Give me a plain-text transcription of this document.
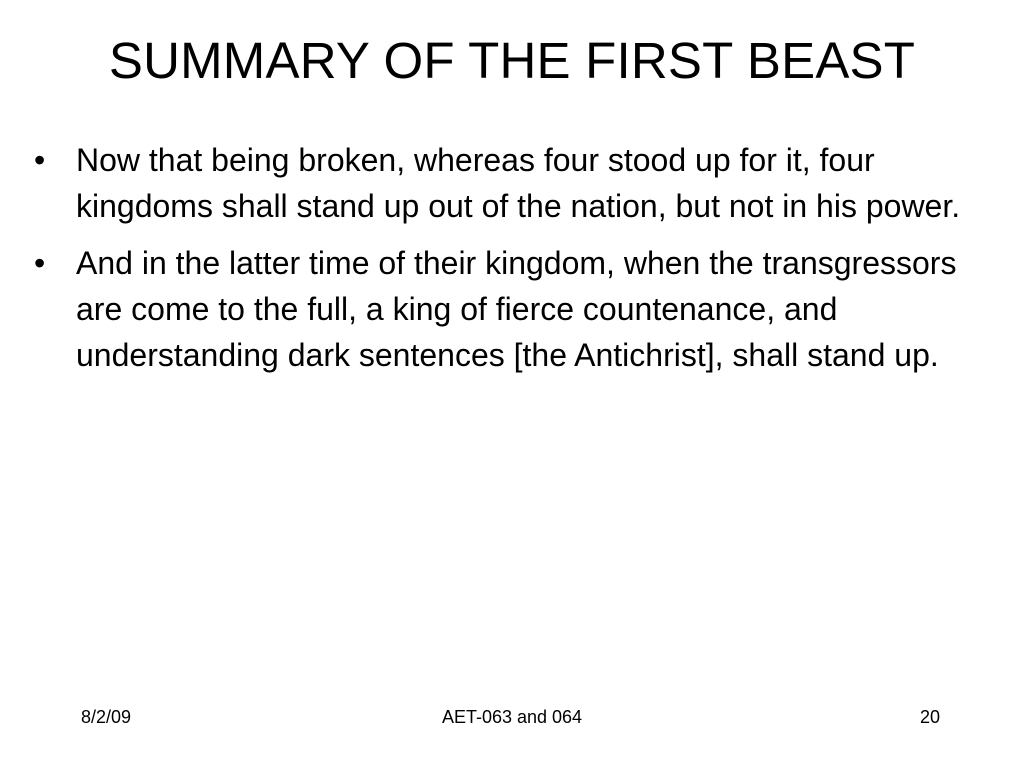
SUMMARY OF THE FIRST BEAST
• Now that being broken, whereas four stood up for it, four kingdoms shall stand up out of the nation, but not in his power.
• And in the latter time of their kingdom, when the transgressors are come to the full, a king of fierce countenance, and understanding dark sentences [the Antichrist], shall stand up.
8/2/09	AET-063 and 064	20
